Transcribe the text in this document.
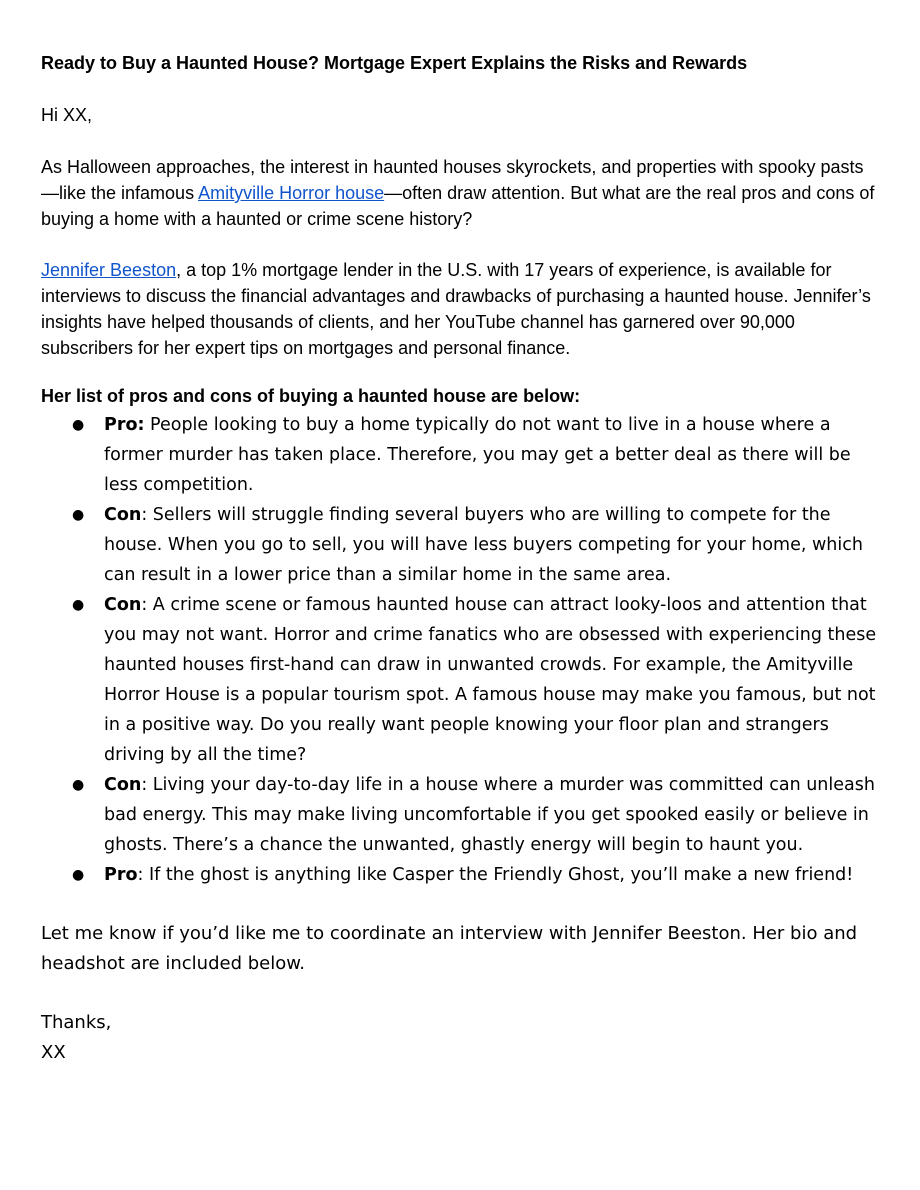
Ready to Buy a Haunted House? Mortgage Expert Explains the Risks and Rewards
Hi XX,

As Halloween approaches, the interest in haunted houses skyrockets, and properties with spooky pasts—like the infamous Amityville Horror house—often draw attention. But what are the real pros and cons of buying a home with a haunted or crime scene history?

Jennifer Beeston, a top 1% mortgage lender in the U.S. with 17 years of experience, is available for interviews to discuss the financial advantages and drawbacks of purchasing a haunted house. Jennifer’s insights have helped thousands of clients, and her YouTube channel has garnered over 90,000 subscribers for her expert tips on mortgages and personal finance.

Her list of pros and cons of buying a haunted house are below:

●	Pro: People looking to buy a home typically do not want to live in a house where a former murder has taken place. Therefore, you may get a better deal as there will be less competition.
●	Con: Sellers will struggle finding several buyers who are willing to compete for the house. When you go to sell, you will have less buyers competing for your home, which can result in a lower price than a similar home in the same area.
●	Con: A crime scene or famous haunted house can attract looky-loos and attention that you may not want. Horror and crime fanatics who are obsessed with experiencing these haunted houses first-hand can draw in unwanted crowds. For example, the Amityville Horror House is a popular tourism spot. A famous house may make you famous, but not in a positive way. Do you really want people knowing your floor plan and strangers driving by all the time?
●	Con: Living your day-to-day life in a house where a murder was committed can unleash bad energy. This may make living uncomfortable if you get spooked easily or believe in ghosts. There’s a chance the unwanted, ghastly energy will begin to haunt you.
●	Pro: If the ghost is anything like Casper the Friendly Ghost, you’ll make a new friend!

Let me know if you’d like me to coordinate an interview with Jennifer Beeston. Her bio and headshot are included below.

Thanks,
XX
